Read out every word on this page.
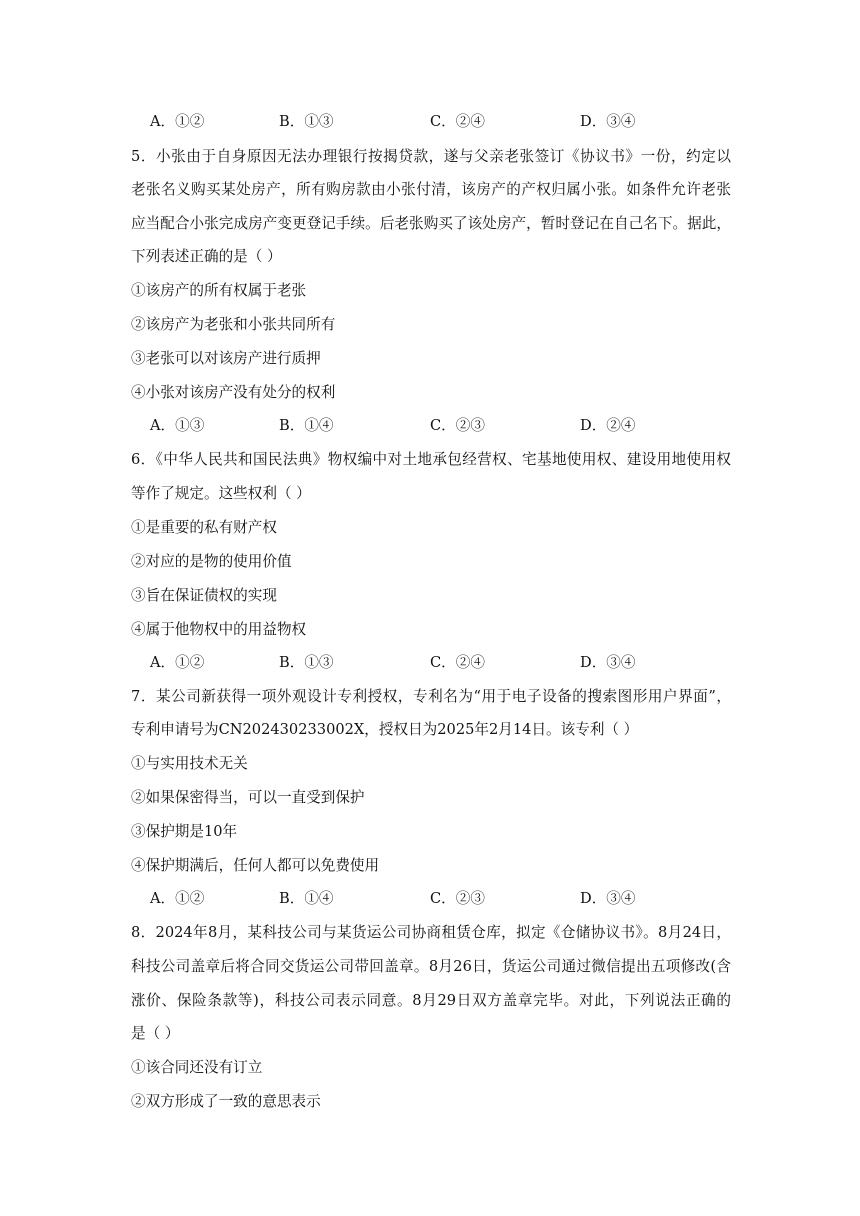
A．①②	B．①③	C．②④	D．③④
5．小张由于自身原因无法办理银行按揭贷款，遂与父亲老张签订《协议书》一份，约定以
老张名义购买某处房产，所有购房款由小张付清，该房产的产权归属小张。如条件允许老张
应当配合小张完成房产变更登记手续。后老张购买了该处房产，暂时登记在自己名下。据此，
下列表述正确的是（ ）
①该房产的所有权属于老张
②该房产为老张和小张共同所有
③老张可以对该房产进行质押
④小张对该房产没有处分的权利
A．①③	B．①④	C．②③	D．②④
6．《中华人民共和国民法典》物权编中对土地承包经营权、宅基地使用权、建设用地使用权
等作了规定。这些权利（ ）
①是重要的私有财产权
②对应的是物的使用价值
③旨在保证债权的实现
④属于他物权中的用益物权
A．①②	B．①③	C．②④	D．③④
7．某公司新获得一项外观设计专利授权，专利名为“用于电子设备的搜索图形用户界面”，
专利申请号为CN202430233002X，授权日为2025年2月14日。该专利（ ）
①与实用技术无关
②如果保密得当，可以一直受到保护
③保护期是10年
④保护期满后，任何人都可以免费使用
A．①②	B．①④	C．②③	D．③④
8．2024年8月，某科技公司与某货运公司协商租赁仓库，拟定《仓储协议书》。8月24日，
科技公司盖章后将合同交货运公司带回盖章。8月26日，货运公司通过微信提出五项修改(含
涨价、保险条款等)，科技公司表示同意。8月29日双方盖章完毕。对此，下列说法正确的
是（ ）
①该合同还没有订立
②双方形成了一致的意思表示
